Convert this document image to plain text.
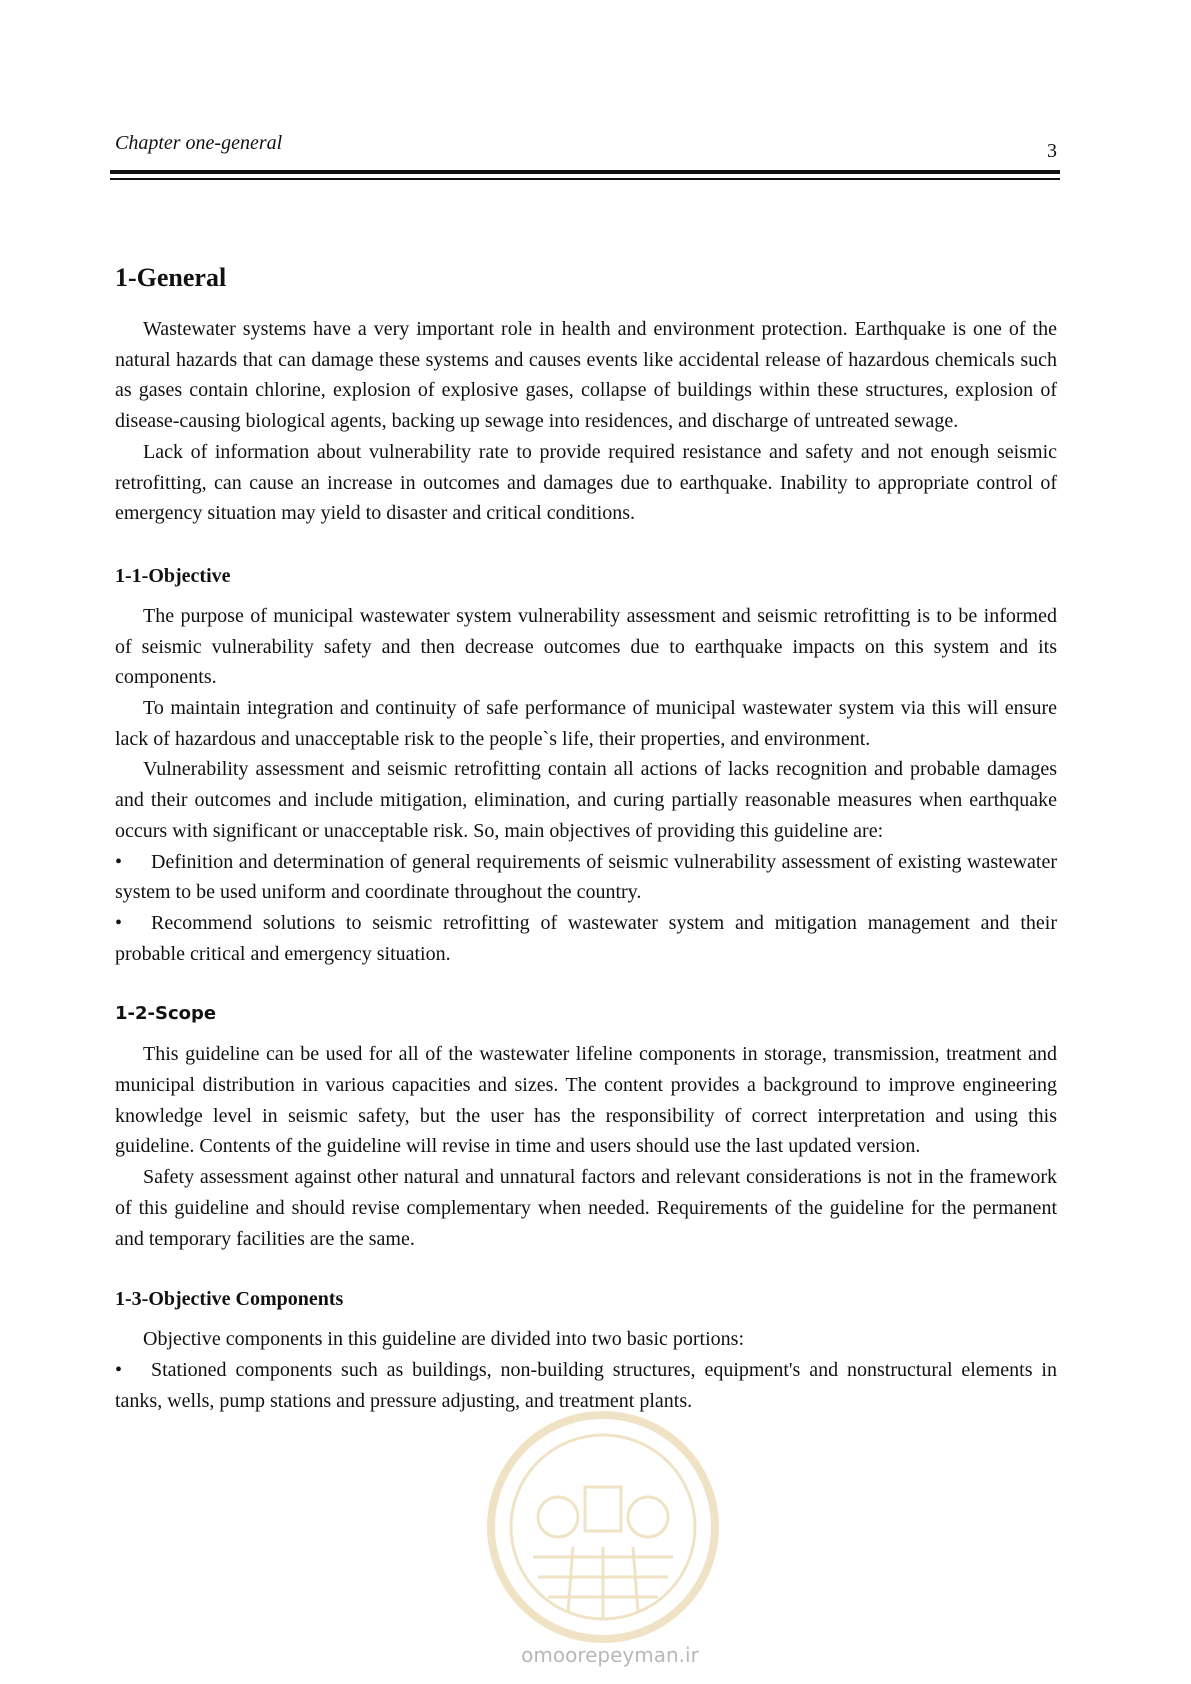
Chapter one-general	3
1-General

Wastewater systems have a very important role in health and environment protection. Earthquake is one of the natural hazards that can damage these systems and causes events like accidental release of hazardous chemicals such as gases contain chlorine, explosion of explosive gases, collapse of buildings within these structures, explosion of disease-causing biological agents, backing up sewage into residences, and discharge of untreated sewage.

Lack of information about vulnerability rate to provide required resistance and safety and not enough seismic retrofitting, can cause an increase in outcomes and damages due to earthquake. Inability to appropriate control of emergency situation may yield to disaster and critical conditions.

1-1-Objective

The purpose of municipal wastewater system vulnerability assessment and seismic retrofitting is to be informed of seismic vulnerability safety and then decrease outcomes due to earthquake impacts on this system and its components.

To maintain integration and continuity of safe performance of municipal wastewater system via this will ensure lack of hazardous and unacceptable risk to the people`s life, their properties, and environment.

Vulnerability assessment and seismic retrofitting contain all actions of lacks recognition and probable damages and their outcomes and include mitigation, elimination, and curing partially reasonable measures when earthquake occurs with significant or unacceptable risk. So, main objectives of providing this guideline are:

• Definition and determination of general requirements of seismic vulnerability assessment of existing wastewater system to be used uniform and coordinate throughout the country.
• Recommend solutions to seismic retrofitting of wastewater system and mitigation management and their probable critical and emergency situation.
1-2-Scope

This guideline can be used for all of the wastewater lifeline components in storage, transmission, treatment and municipal distribution in various capacities and sizes. The content provides a background to improve engineering knowledge level in seismic safety, but the user has the responsibility of correct interpretation and using this guideline. Contents of the guideline will revise in time and users should use the last updated version.

Safety assessment against other natural and unnatural factors and relevant considerations is not in the framework of this guideline and should revise complementary when needed. Requirements of the guideline for the permanent and temporary facilities are the same.

1-3-Objective Components

Objective components in this guideline are divided into two basic portions:

• Stationed components such as buildings, non-building structures, equipment's and nonstructural elements in tanks, wells, pump stations and pressure adjusting, and treatment plants.
omoorepeyman.ir
